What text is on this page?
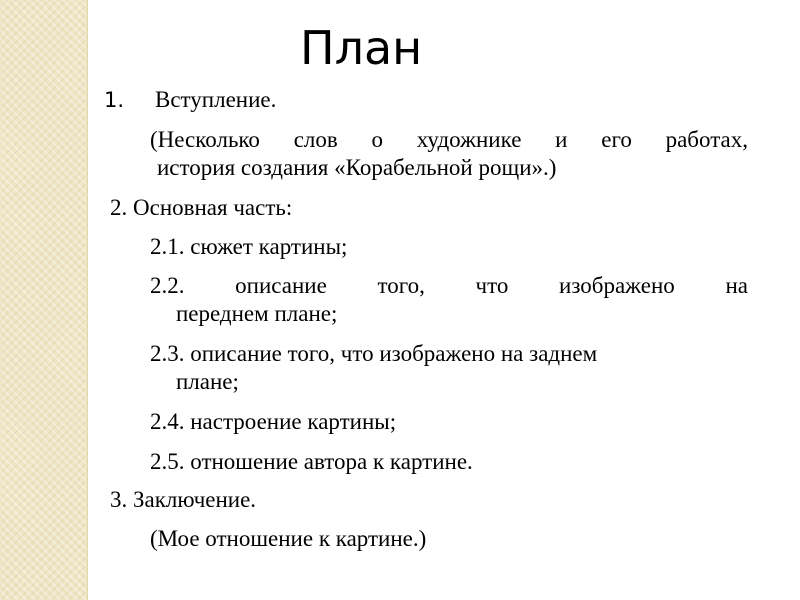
План
1. Вступление.

(Несколько слов о художнике и его работах,

история создания «Корабельной рощи».)

2. Основная часть:

2.1. сюжет картины;

2.2. описание того, что изображено на

переднем плане;

2.3. описание того, что изображено на заднем

плане;

2.4. настроение картины;

2.5. отношение автора к картине.

3. Заключение.

(Мое отношение к картине.)
